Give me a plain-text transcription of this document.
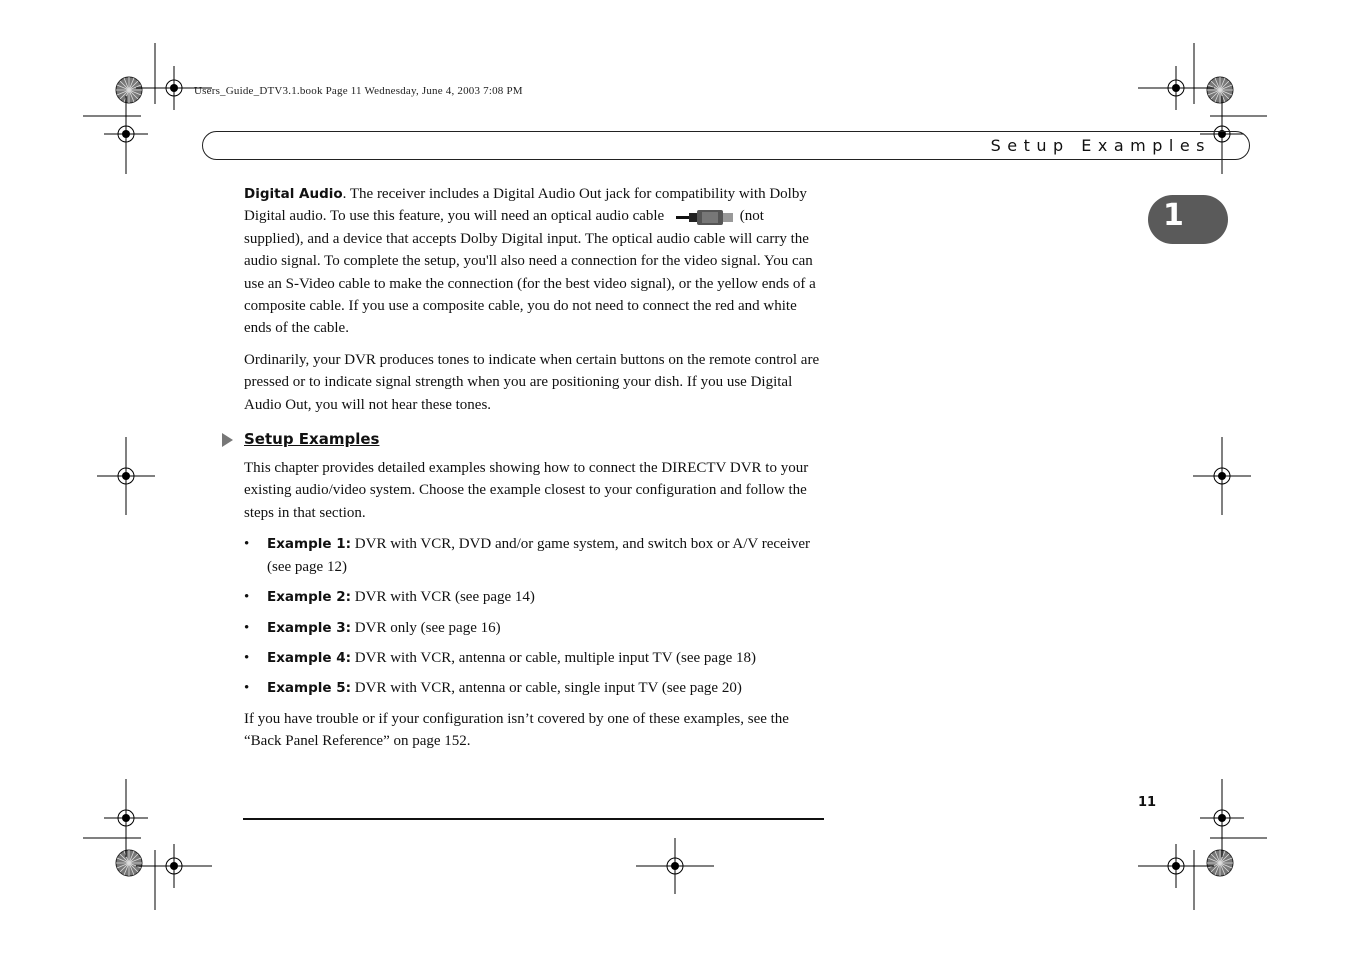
Users_Guide_DTV3.1.book Page 11 Wednesday, June 4, 2003 7:08 PM
Setup Examples
1

Digital Audio. The receiver includes a Digital Audio Out jack for compatibility with Dolby Digital audio. To use this feature, you will need an optical audio cable	(not supplied), and a device that accepts Dolby Digital input. The optical audio cable will carry the audio signal. To complete the setup, you'll also need a connection for the video signal. You can use an S-Video cable to make the connection (for the best video signal), or the yellow ends of a composite cable. If you use a composite cable, you do not need to connect the red and white ends of the cable.

Ordinarily, your DVR produces tones to indicate when certain buttons on the remote control are pressed or to indicate signal strength when you are positioning your dish. If you use Digital Audio Out, you will not hear these tones.

Setup Examples

This chapter provides detailed examples showing how to connect the DIRECTV DVR to your existing audio/video system. Choose the example closest to your configuration and follow the steps in that section.

• Example 1: DVR with VCR, DVD and/or game system, and switch box or A/V receiver (see page 12)
• Example 2: DVR with VCR (see page 14)
• Example 3: DVR only (see page 16)
• Example 4: DVR with VCR, antenna or cable, multiple input TV (see page 18)
• Example 5: DVR with VCR, antenna or cable, single input TV (see page 20)

If you have trouble or if your configuration isn’t covered by one of these examples, see the “Back Panel Reference” on page 152.

11
